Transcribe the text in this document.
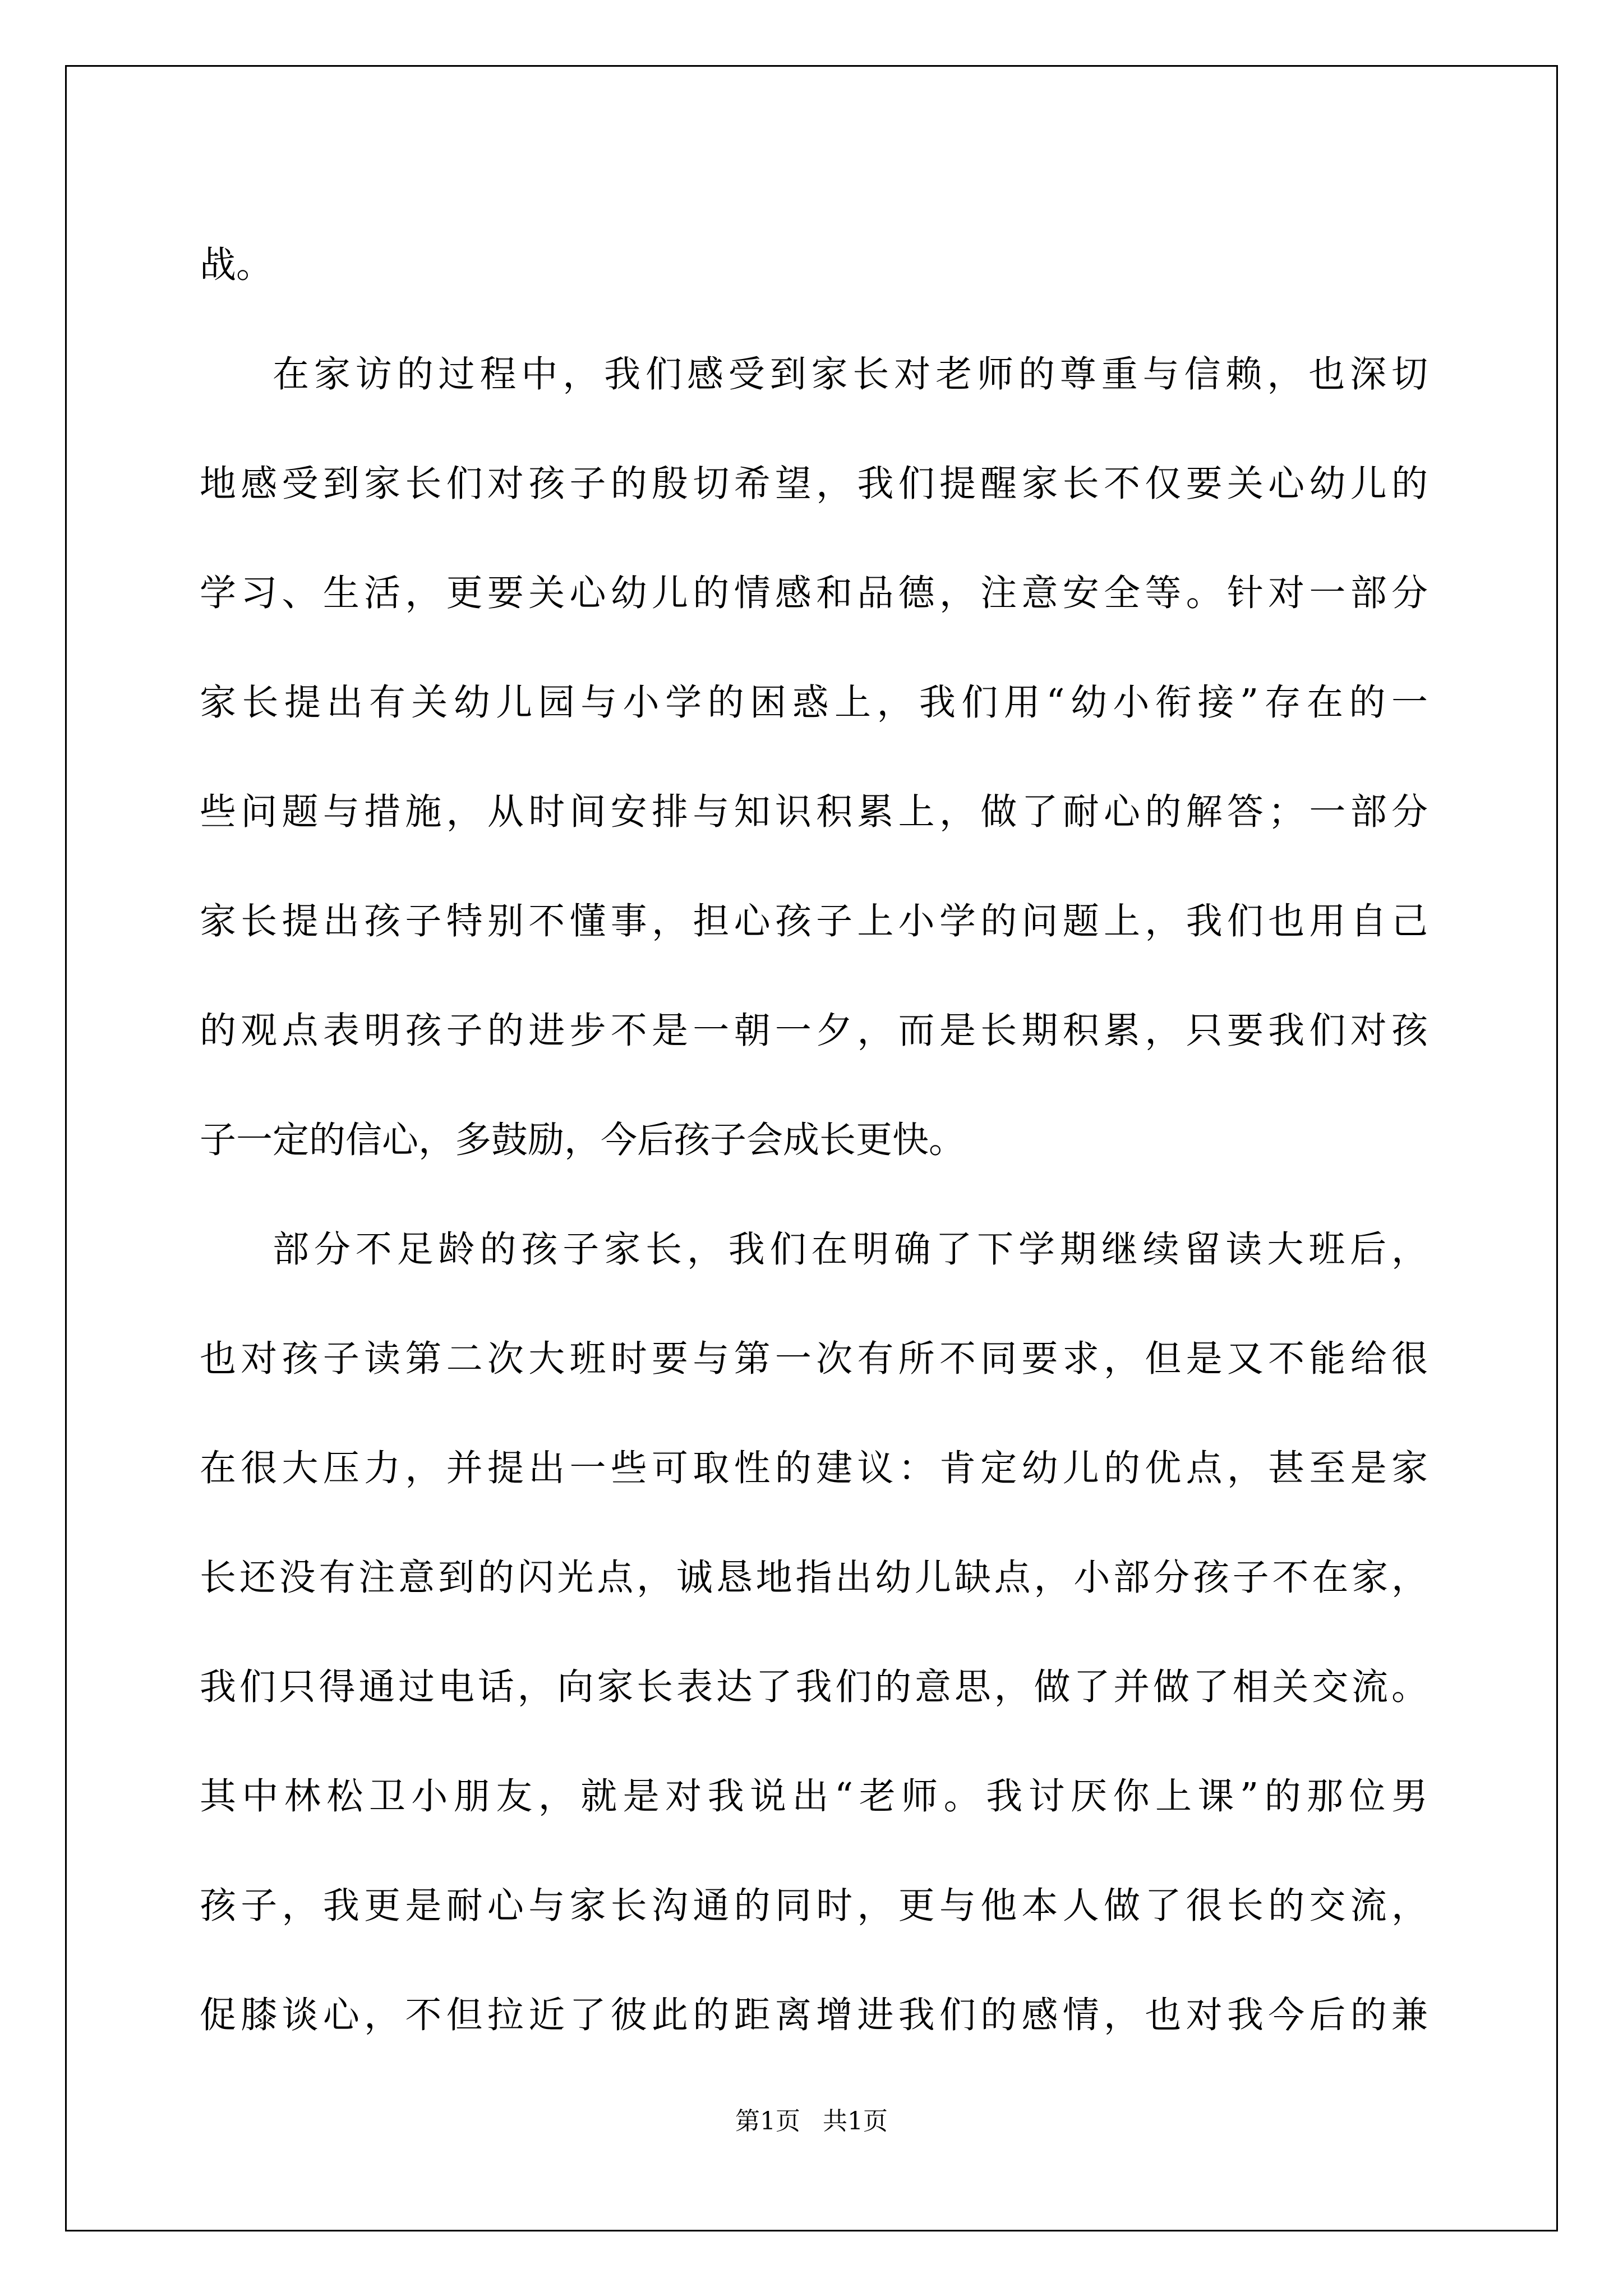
战。
在家访的过程中，我们感受到家长对老师的尊重与信赖，也深切
地感受到家长们对孩子的殷切希望，我们提醒家长不仅要关心幼儿的
学习、生活，更要关心幼儿的情感和品德，注意安全等。针对一部分
家长提出有关幼儿园与小学的困惑上，我们用“幼小衔接”存在的一
些问题与措施，从时间安排与知识积累上，做了耐心的解答；一部分
家长提出孩子特别不懂事，担心孩子上小学的问题上，我们也用自己
的观点表明孩子的进步不是一朝一夕，而是长期积累，只要我们对孩
子一定的信心，多鼓励，今后孩子会成长更快。
部分不足龄的孩子家长，我们在明确了下学期继续留读大班后，
也对孩子读第二次大班时要与第一次有所不同要求，但是又不能给很
在很大压力，并提出一些可取性的建议：肯定幼儿的优点，甚至是家
长还没有注意到的闪光点，诚恳地指出幼儿缺点，小部分孩子不在家，
我们只得通过电话，向家长表达了我们的意思，做了并做了相关交流。
其中林松卫小朋友，就是对我说出“老师。我讨厌你上课”的那位男
孩子，我更是耐心与家长沟通的同时，更与他本人做了很长的交流，
促膝谈心，不但拉近了彼此的距离增进我们的感情，也对我今后的兼
第1页 共1页
